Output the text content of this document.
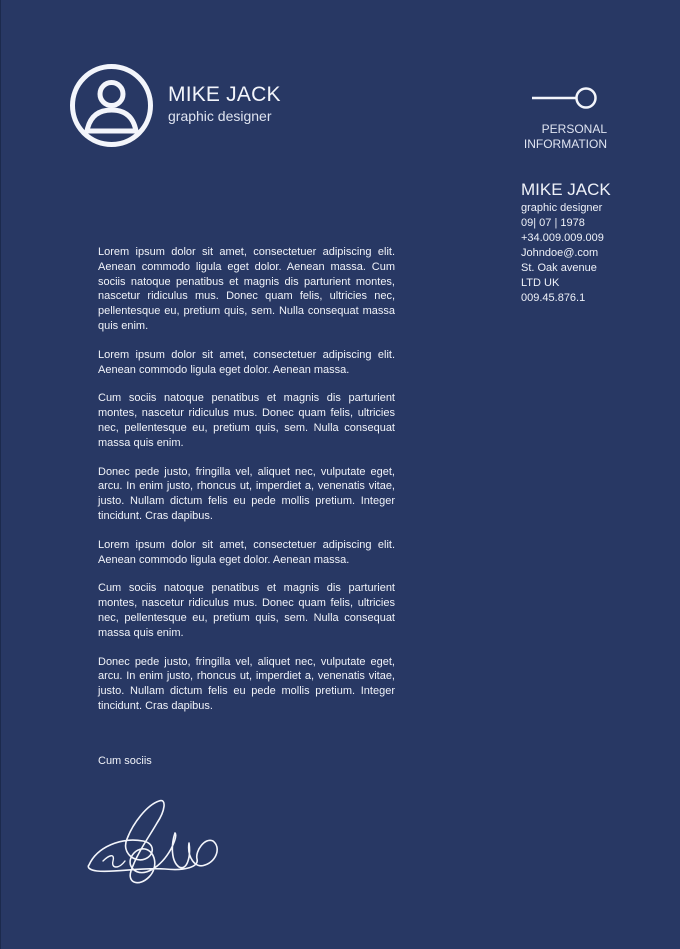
MIKE JACK
graphic designer
PERSONAL
INFORMATION
MIKE JACK
graphic designer
09| 07 | 1978
+34.009.009.009
Johndoe@.com
St. Oak avenue
LTD UK
009.45.876.1

Lorem ipsum dolor sit amet, consectetuer adipiscing elit. Aenean commodo ligula eget dolor. Aenean massa. Cum sociis natoque penatibus et magnis dis parturient montes, nascetur ridiculus mus. Donec quam felis, ultricies nec, pellentesque eu, pretium quis, sem. Nulla consequat massa quis enim.

Lorem ipsum dolor sit amet, consectetuer adipiscing elit. Aenean commodo ligula eget dolor. Aenean massa.

Cum sociis natoque penatibus et magnis dis parturient montes, nascetur ridiculus mus. Donec quam felis, ultricies nec, pellentesque eu, pretium quis, sem. Nulla consequat massa quis enim.

Donec pede justo, fringilla vel, aliquet nec, vulputate eget, arcu. In enim justo, rhoncus ut, imperdiet a, venenatis vitae, justo. Nullam dictum felis eu pede mollis pretium. Integer tincidunt. Cras dapibus.

Lorem ipsum dolor sit amet, consectetuer adipiscing elit. Aenean commodo ligula eget dolor. Aenean massa.

Cum sociis natoque penatibus et magnis dis parturient montes, nascetur ridiculus mus. Donec quam felis, ultricies nec, pellentesque eu, pretium quis, sem. Nulla consequat massa quis enim.

Donec pede justo, fringilla vel, aliquet nec, vulputate eget, arcu. In enim justo, rhoncus ut, imperdiet a, venenatis vitae, justo. Nullam dictum felis eu pede mollis pretium. Integer tincidunt. Cras dapibus.

Cum sociis
